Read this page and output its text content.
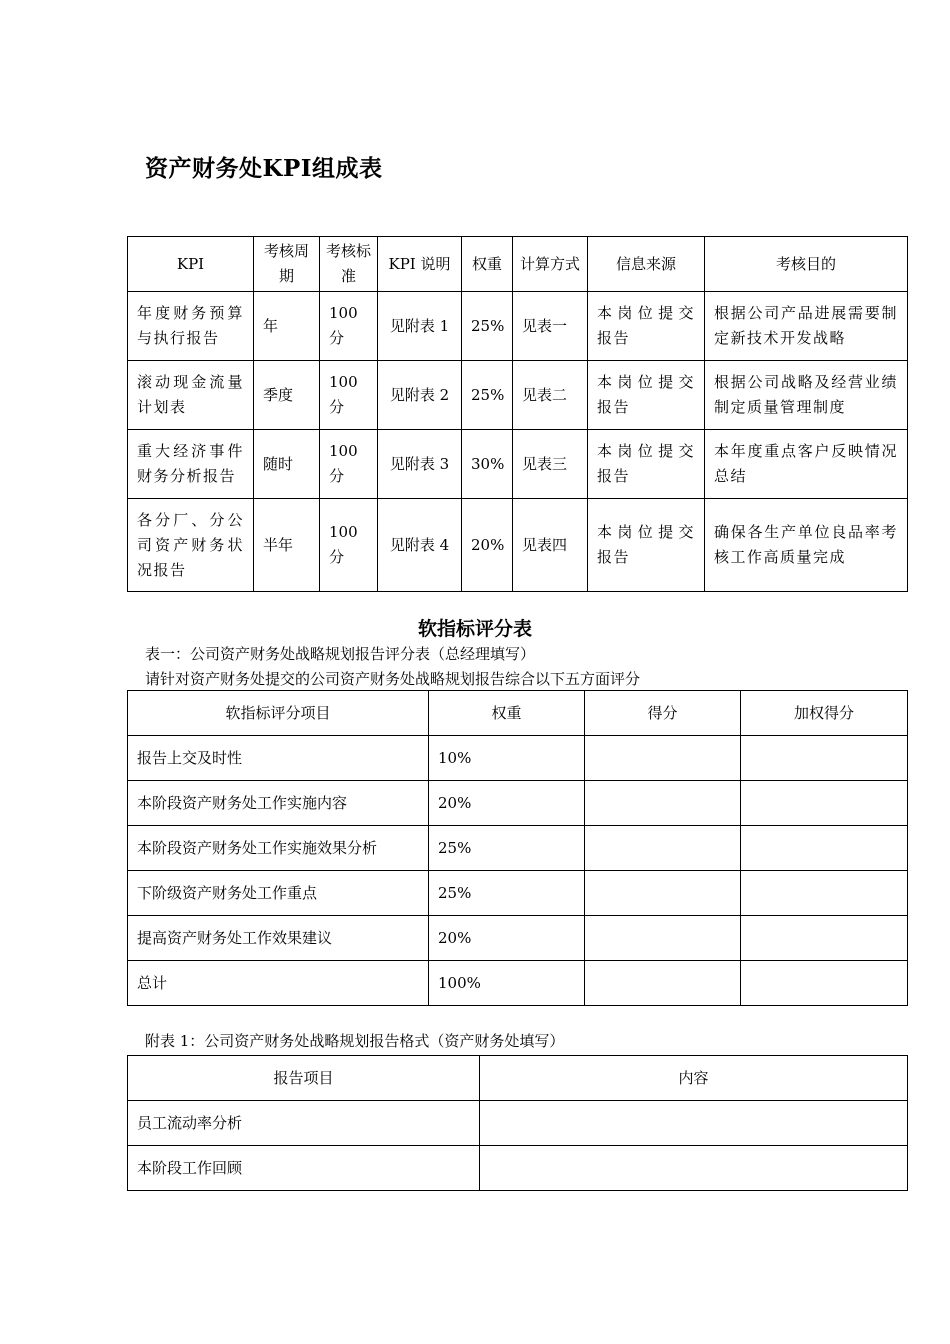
资产财务处KPI组成表
KPI	考核周期	考核标准	KPI 说明	权重	计算方式	信息来源	考核目的
年度财务预算与执行报告	年	100分	见附表 1	25%	见表一	本岗位提交报告	根据公司产品进展需要制定新技术开发战略
滚动现金流量计划表	季度	100分	见附表 2	25%	见表二	本岗位提交报告	根据公司战略及经营业绩制定质量管理制度
重大经济事件财务分析报告	随时	100分	见附表 3	30%	见表三	本岗位提交报告	本年度重点客户反映情况总结
各分厂、分公司资产财务状况报告	半年	100分	见附表 4	20%	见表四	本岗位提交报告	确保各生产单位良品率考核工作高质量完成
软指标评分表
表一：公司资产财务处战略规划报告评分表（总经理填写）
请针对资产财务处提交的公司资产财务处战略规划报告综合以下五方面评分
软指标评分项目	权重	得分	加权得分
报告上交及时性	10%		
本阶段资产财务处工作实施内容	20%		
本阶段资产财务处工作实施效果分析	25%		
下阶级资产财务处工作重点	25%		
提高资产财务处工作效果建议	20%		
总计	100%		
附表 1：公司资产财务处战略规划报告格式（资产财务处填写）
报告项目	内容
员工流动率分析	
本阶段工作回顾	
